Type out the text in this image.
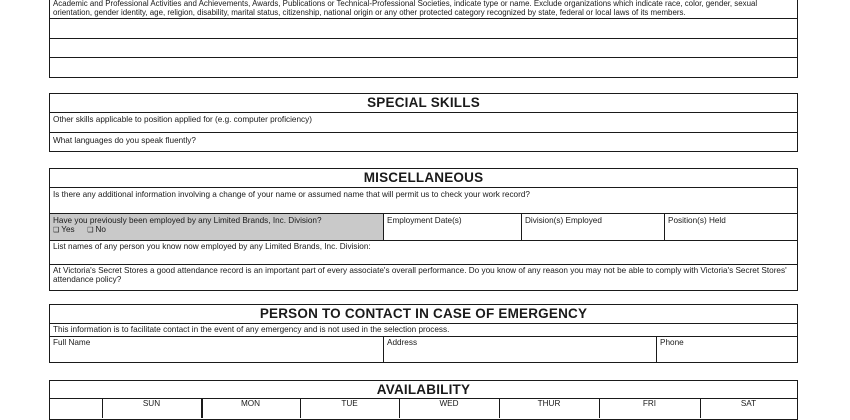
Academic and Professional Activities and Achievements, Awards, Publications or Technical-Professional Societies, indicate type or name. Exclude organizations which indicate race, color, gender, sexual orientation, gender identity, age, religion, disability, marital status, citizenship, national origin or any other protected category recognized by state, federal or local laws of its members.
SPECIAL SKILLS
Other skills applicable to position applied for (e.g. computer proficiency)
What languages do you speak fluently?
MISCELLANEOUS
Is there any additional information involving a change of your name or assumed name that will permit us to check your work record?
Have you previously been employed by any Limited Brands, Inc. Division?
❑ Yes ❑ No
Employment Date(s)	Division(s) Employed	Position(s) Held
List names of any person you know now employed by any Limited Brands, Inc. Division:
At Victoria's Secret Stores a good attendance record is an important part of every associate's overall performance. Do you know of any reason you may not be able to comply with Victoria's Secret Stores' attendance policy?
PERSON TO CONTACT IN CASE OF EMERGENCY
This information is to facilitate contact in the event of any emergency and is not used in the selection process.
Full Name	Address	Phone
AVAILABILITY
SUN	MON	TUE	WED	THUR	FRI	SAT
